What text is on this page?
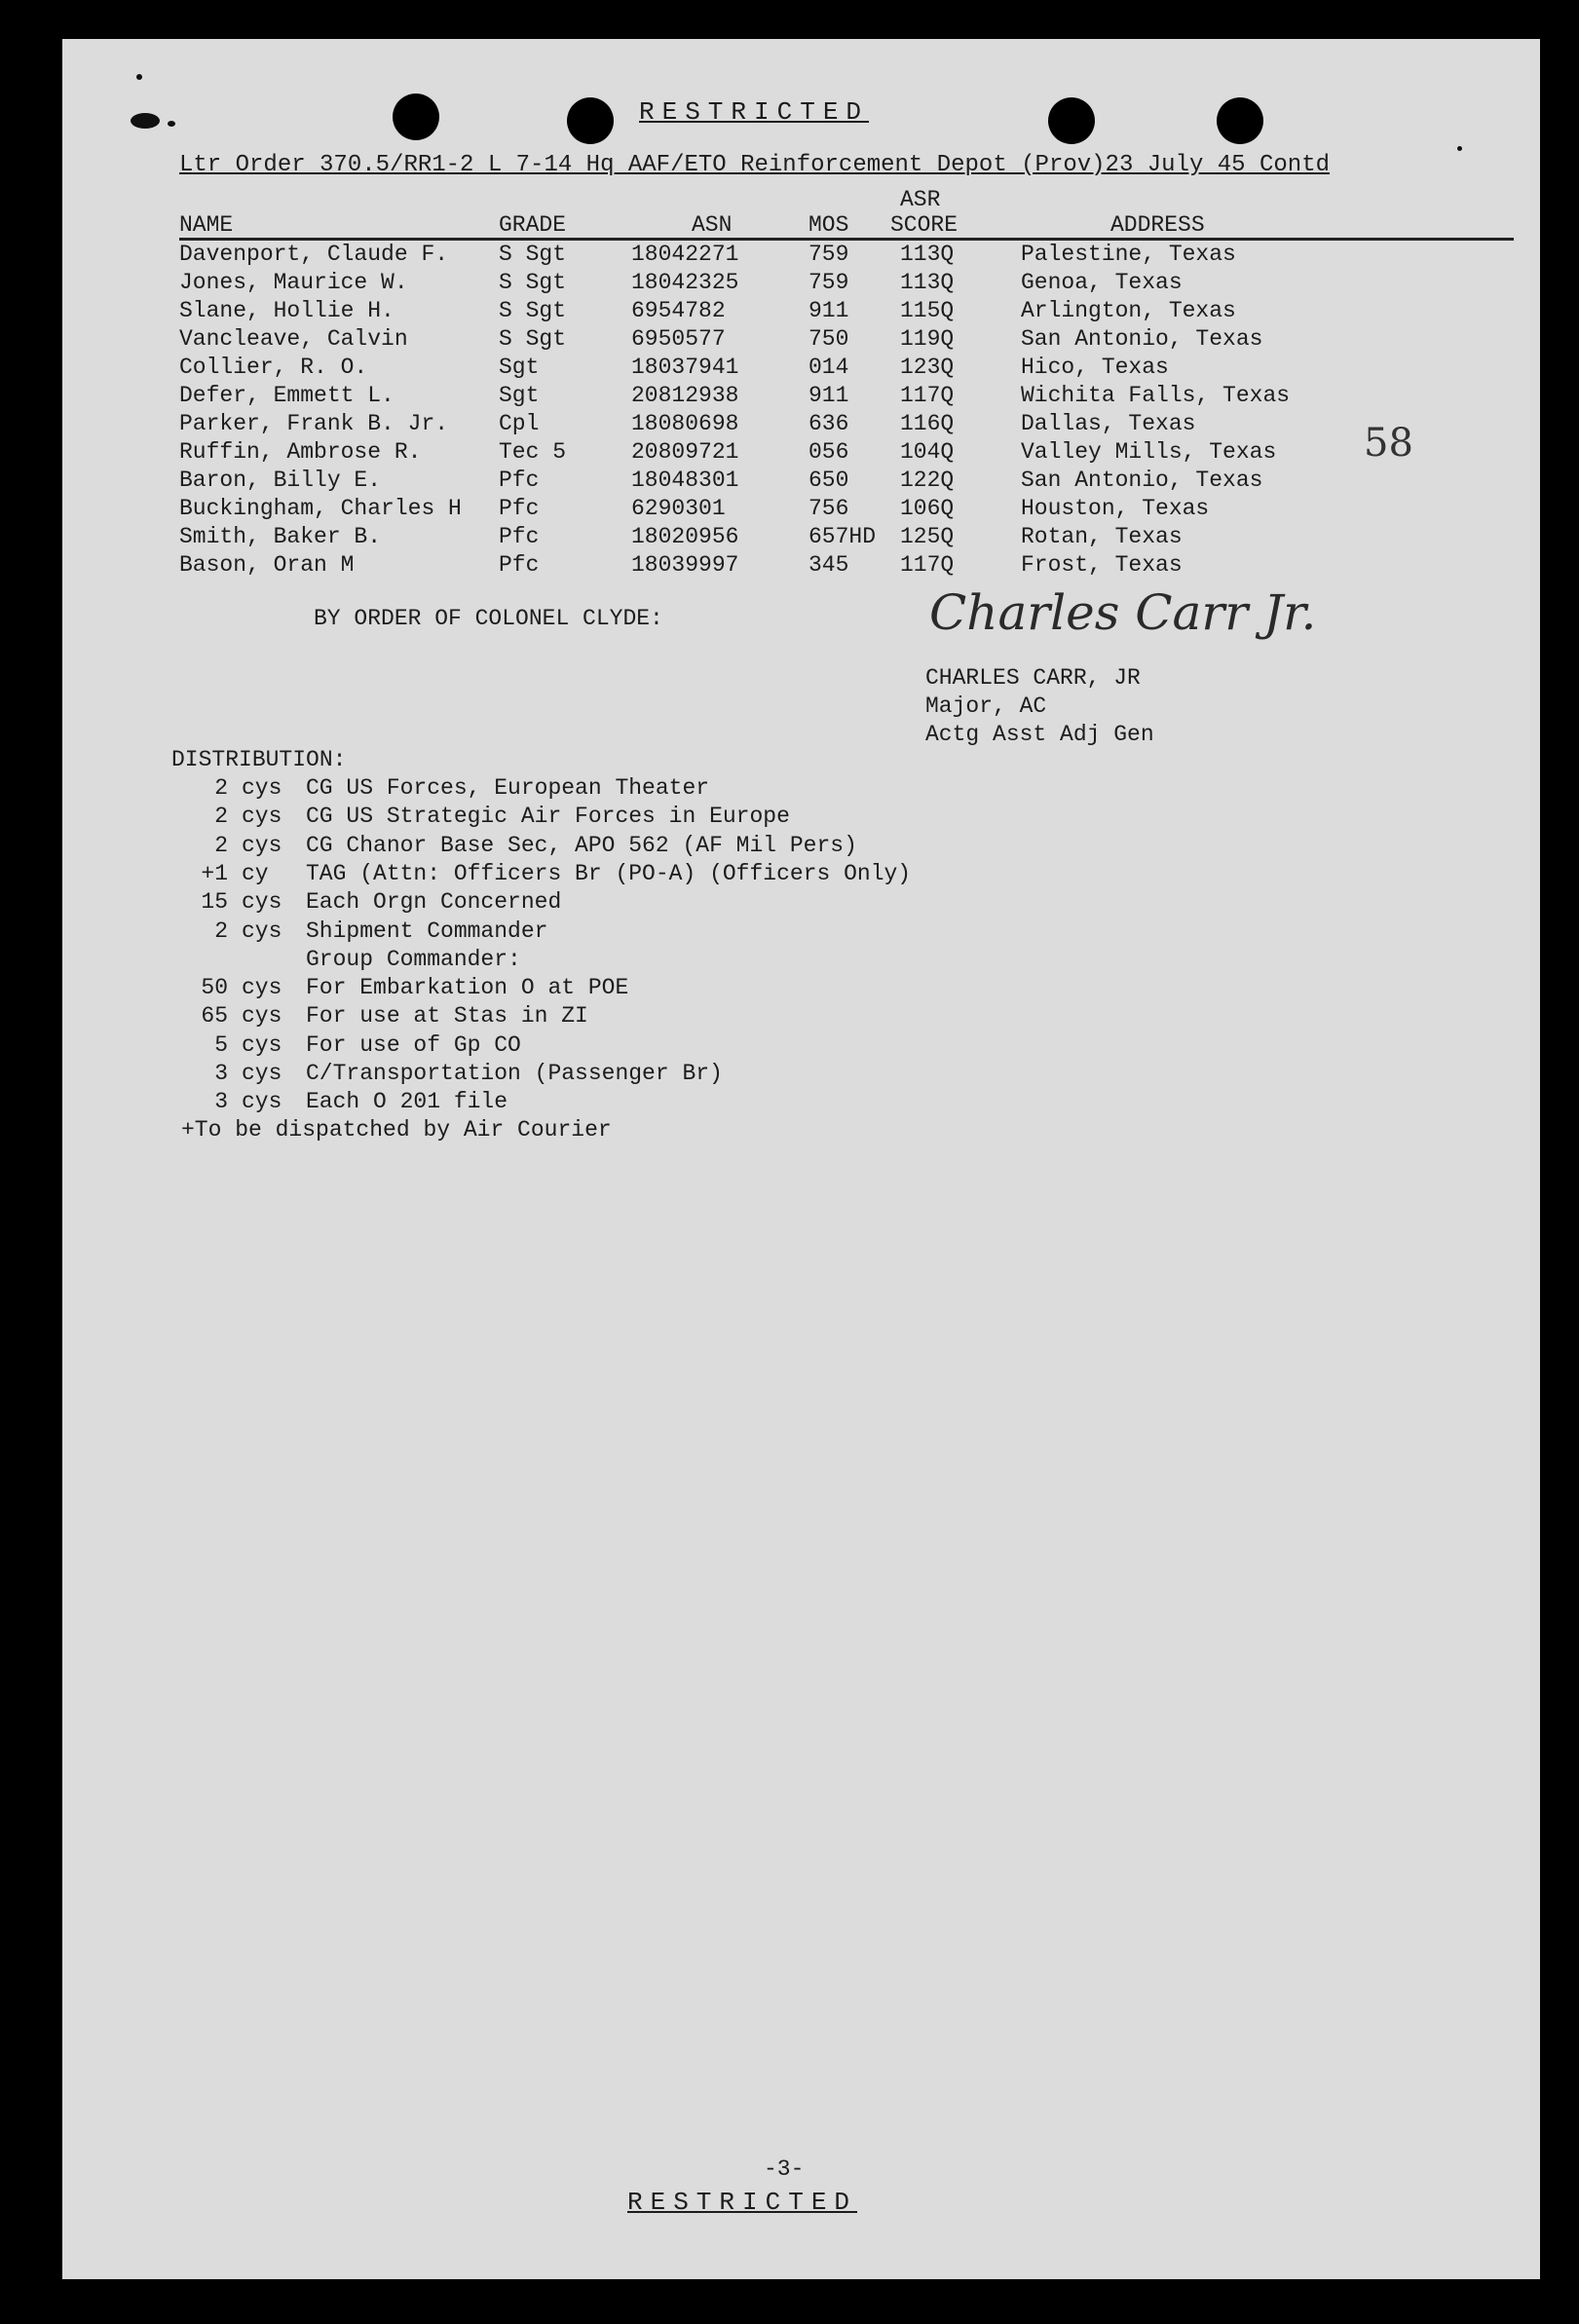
RESTRICTED
Ltr Order 370.5/RR1-2 L 7-14 Hq AAF/ETO Reinforcement Depot (Prov)23 July 45 Contd
NAME	GRADE	ASN	MOS
ASR
SCORE	ADDRESS
Davenport, Claude F. S Sgt	18042271	759 113Q	Palestine, Texas
Jones, Maurice W.	S Sgt	18042325	759 113Q	Genoa, Texas
Slane, Hollie H.	S Sgt	6954782	911 115Q	Arlington, Texas
Vancleave, Calvin	S Sgt	6950577	750 119Q	San Antonio, Texas
Collier, R. O.	Sgt	18037941	014 123Q	Hico, Texas
Defer, Emmett L.	Sgt	20812938	911 117Q	Wichita Falls, Texas
Parker, Frank B. Jr. Cpl	18080698	636 116Q	Dallas, Texas
Ruffin, Ambrose R.	Tec 5	20809721	056 104Q	Valley Mills, Texas
Baron, Billy E.	Pfc	18048301	650 122Q	San Antonio, Texas
Buckingham, Charles H Pfc	6290301	756 106Q	Houston, Texas
Smith, Baker B.	Pfc	18020956	657HD 125Q	Rotan, Texas
Bason, Oran M	Pfc	18039997	345 117Q	Frost, Texas
58
BY ORDER OF COLONEL CLYDE:	Charles Carr Jr.
CHARLES CARR, JR
Major, AC
Actg Asst Adj Gen
DISTRIBUTION:
2 cys CG US Forces, European Theater
2 cys CG US Strategic Air Forces in Europe
2 cys CG Chanor Base Sec, APO 562 (AF Mil Pers)
+1 cy TAG (Attn: Officers Br (PO-A) (Officers Only)
15 cys Each Orgn Concerned
2 cys Shipment Commander
Group Commander:
50 cys For Embarkation O at POE
65 cys For use at Stas in ZI
5 cys For use of Gp CO
3 cys C/Transportation (Passenger Br)
3 cys Each O 201 file
+To be dispatched by Air Courier
-3-
RESTRICTED
